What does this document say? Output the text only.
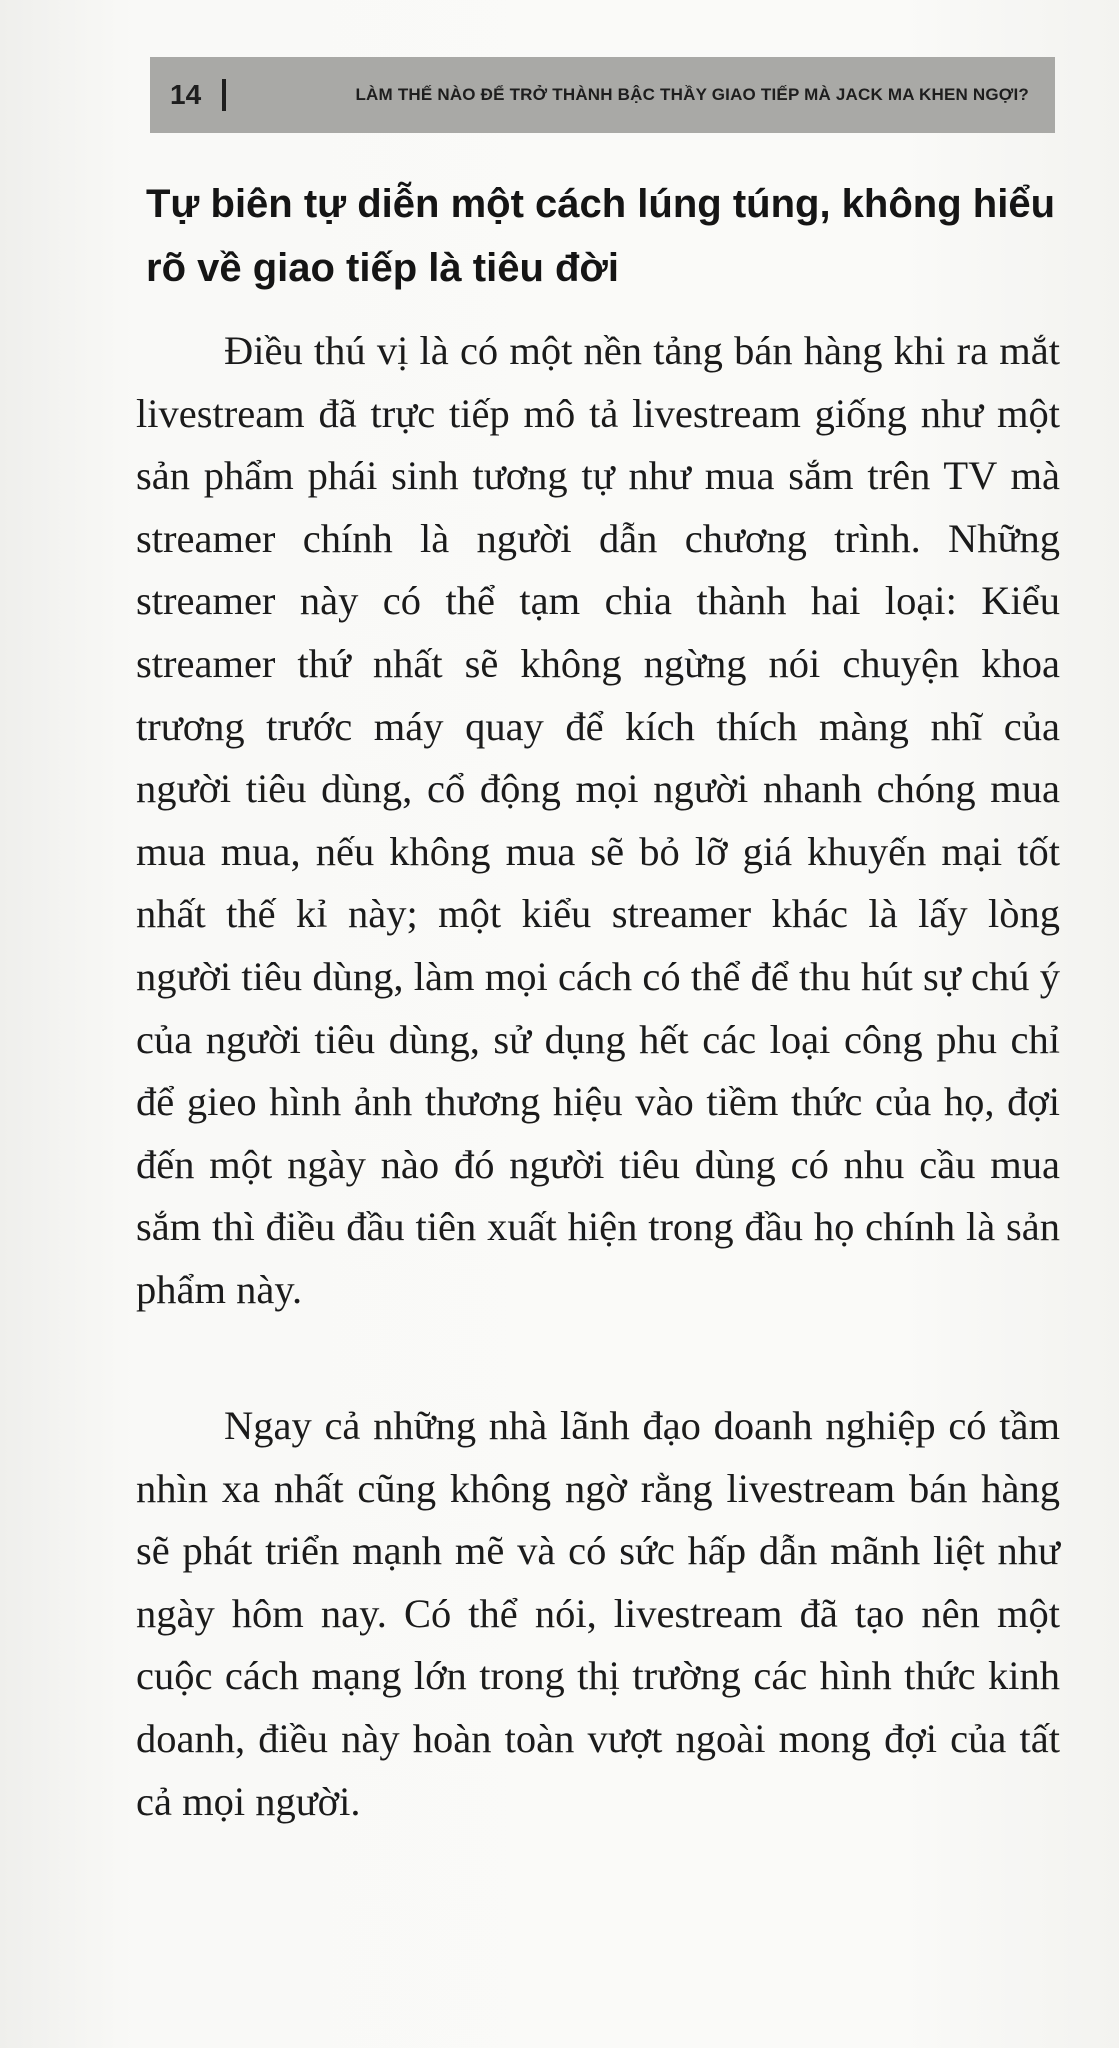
14	LÀM THẾ NÀO ĐỂ TRỞ THÀNH BẬC THẦY GIAO TIẾP MÀ JACK MA KHEN NGỢI?
Tự biên tự diễn một cách lúng túng, không hiểu rõ về giao tiếp là tiêu đời

Điều thú vị là có một nền tảng bán hàng khi ra mắt livestream đã trực tiếp mô tả livestream giống như một sản phẩm phái sinh tương tự như mua sắm trên TV mà streamer chính là người dẫn chương trình. Những streamer này có thể tạm chia thành hai loại: Kiểu streamer thứ nhất sẽ không ngừng nói chuyện khoa trương trước máy quay để kích thích màng nhĩ của người tiêu dùng, cổ động mọi người nhanh chóng mua mua mua, nếu không mua sẽ bỏ lỡ giá khuyến mại tốt nhất thế kỉ này; một kiểu streamer khác là lấy lòng người tiêu dùng, làm mọi cách có thể để thu hút sự chú ý của người tiêu dùng, sử dụng hết các loại công phu chỉ để gieo hình ảnh thương hiệu vào tiềm thức của họ, đợi đến một ngày nào đó người tiêu dùng có nhu cầu mua sắm thì điều đầu tiên xuất hiện trong đầu họ chính là sản phẩm này.

Ngay cả những nhà lãnh đạo doanh nghiệp có tầm nhìn xa nhất cũng không ngờ rằng livestream bán hàng sẽ phát triển mạnh mẽ và có sức hấp dẫn mãnh liệt như ngày hôm nay. Có thể nói, livestream đã tạo nên một cuộc cách mạng lớn trong thị trường các hình thức kinh doanh, điều này hoàn toàn vượt ngoài mong đợi của tất cả mọi người.
